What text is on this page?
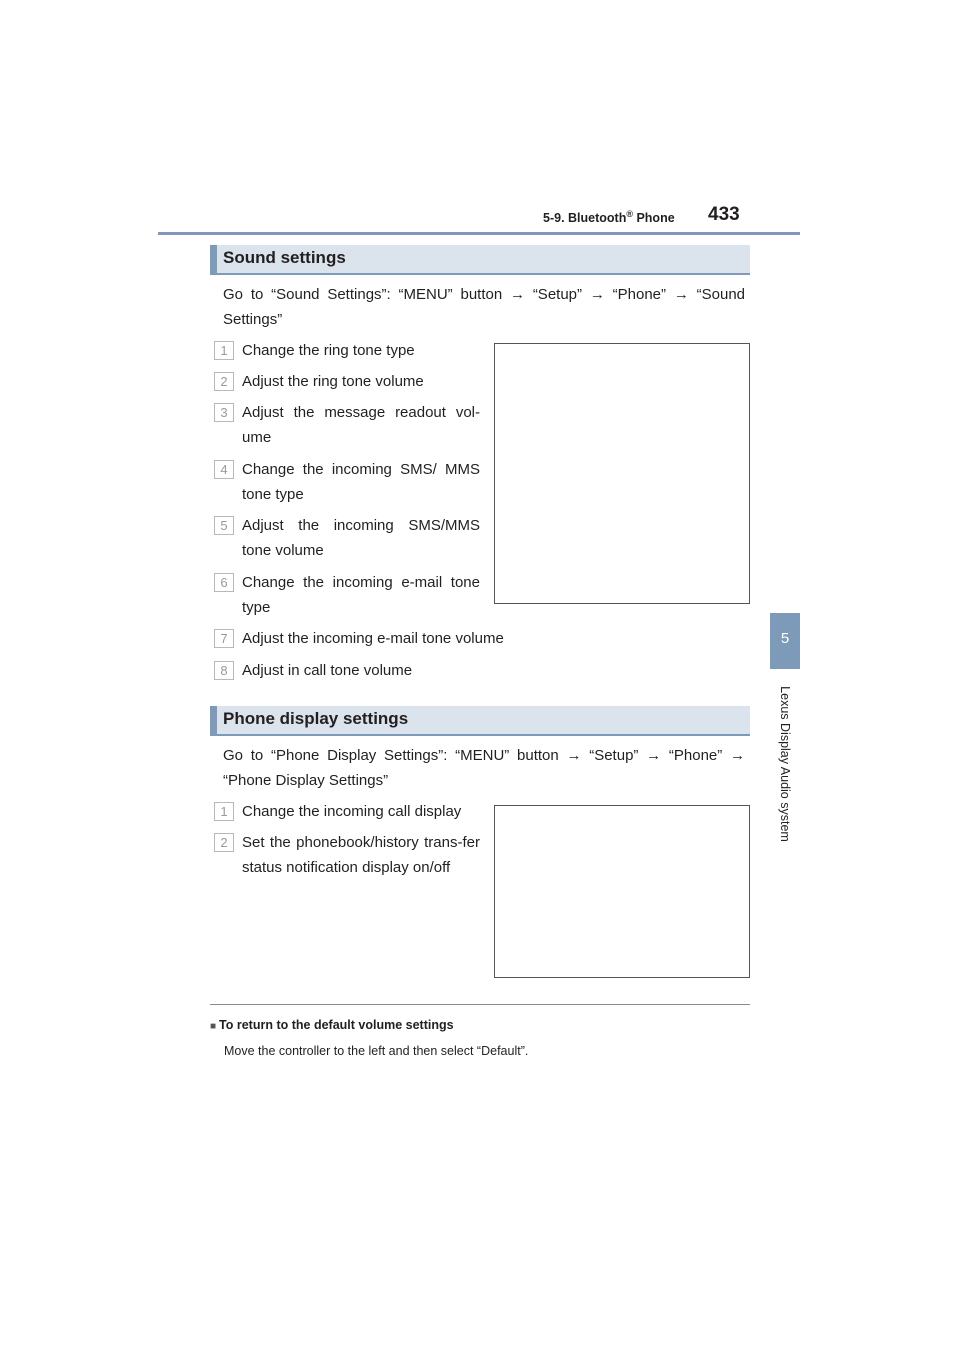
5-9. Bluetooth® Phone 433
5
Lexus Display Audio system
Sound settings
Go to “Sound Settings”: “MENU” button → “Setup” → “Phone” → “Sound Settings”
1 Change the ring tone type
2 Adjust the ring tone volume
3 Adjust the message readout vol-ume
4 Change the incoming SMS/ MMS tone type
5 Adjust the incoming SMS/MMS tone volume
6 Change the incoming e-mail tone type
7 Adjust the incoming e-mail tone volume
8 Adjust in call tone volume
Phone display settings
Go to “Phone Display Settings”: “MENU” button → “Setup” → “Phone” → “Phone Display Settings”
1 Change the incoming call display
2 Set the phonebook/history trans-fer status notification display on/off
■ To return to the default volume settings
Move the controller to the left and then select “Default”.
